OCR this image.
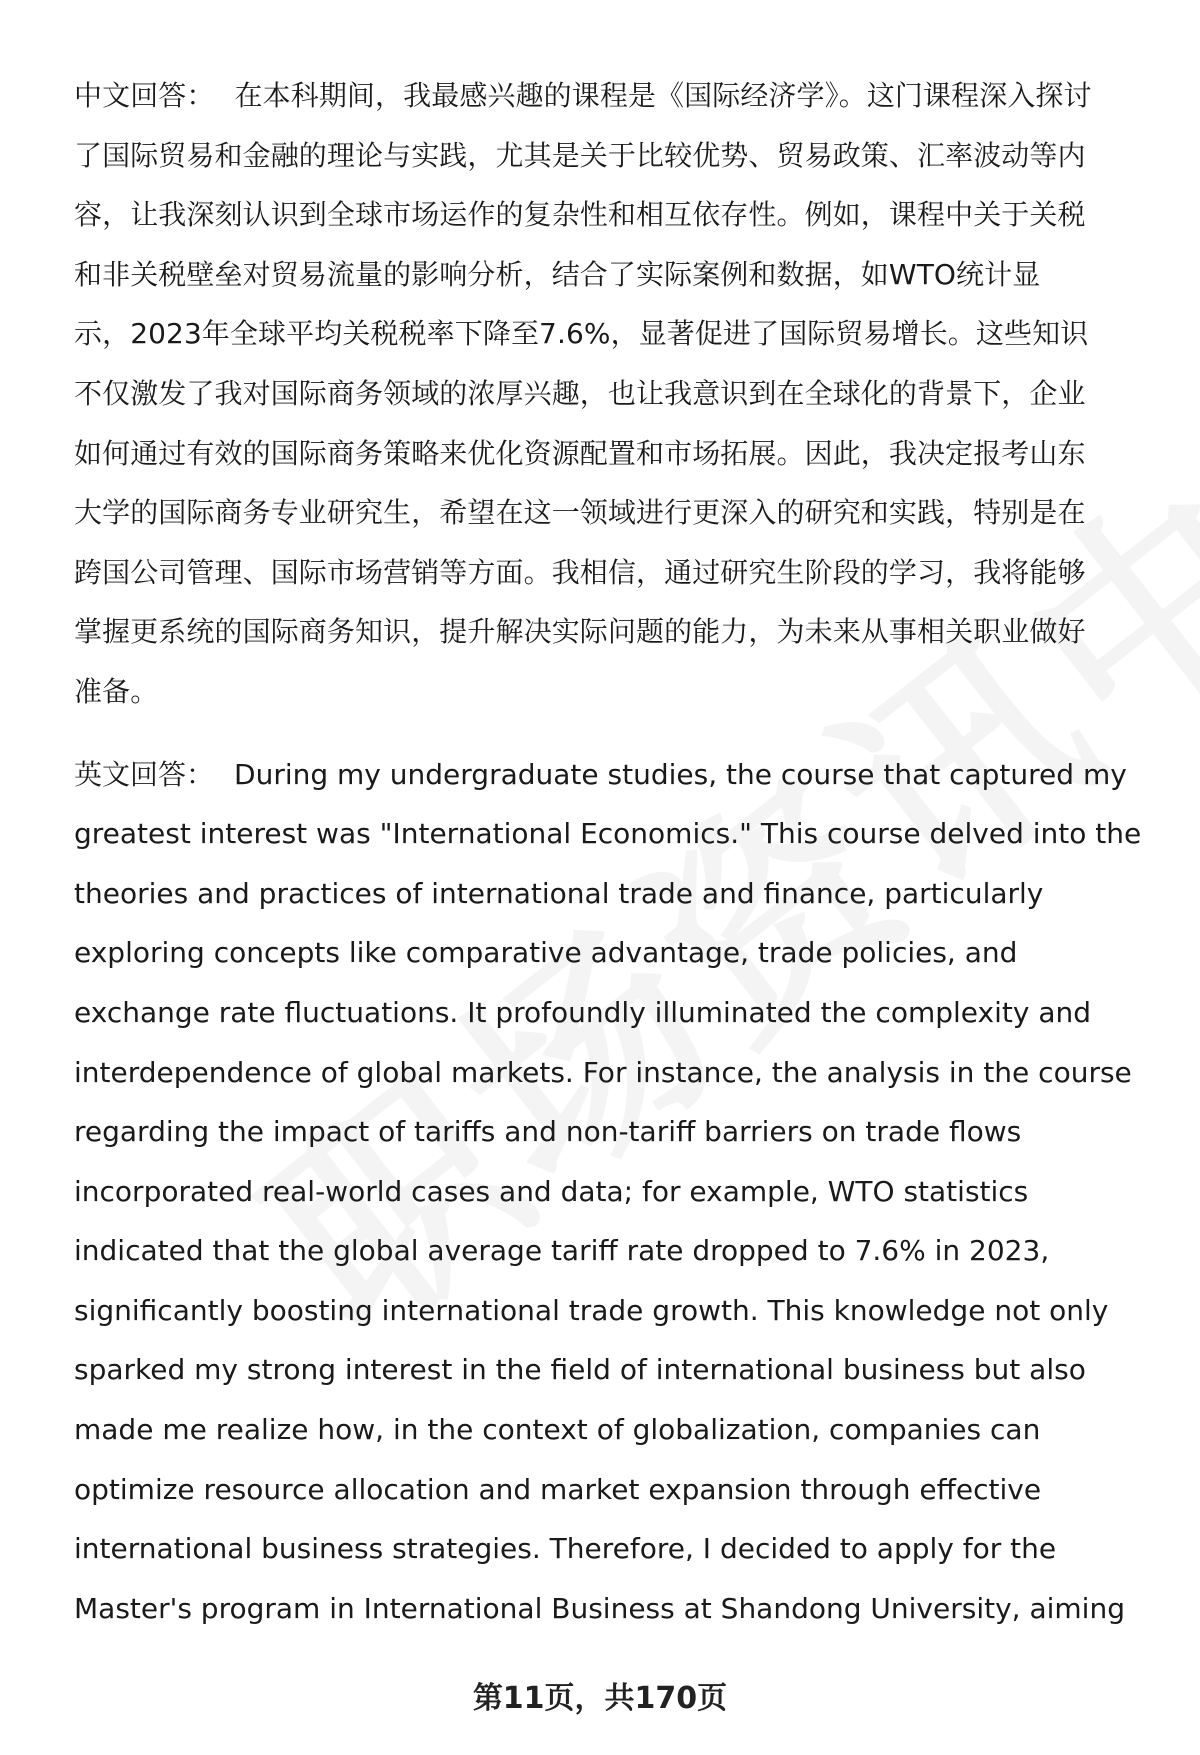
中文回答： 在本科期间，我最感兴趣的课程是《国际经济学》。这门课程深入探讨
了国际贸易和金融的理论与实践，尤其是关于比较优势、贸易政策、汇率波动等内
容，让我深刻认识到全球市场运作的复杂性和相互依存性。例如，课程中关于关税
和非关税壁垒对贸易流量的影响分析，结合了实际案例和数据，如WTO统计显
示，2023年全球平均关税税率下降至7.6%，显著促进了国际贸易增长。这些知识
不仅激发了我对国际商务领域的浓厚兴趣，也让我意识到在全球化的背景下，企业
如何通过有效的国际商务策略来优化资源配置和市场拓展。因此，我决定报考山东
大学的国际商务专业研究生，希望在这一领域进行更深入的研究和实践，特别是在
跨国公司管理、国际市场营销等方面。我相信，通过研究生阶段的学习，我将能够
掌握更系统的国际商务知识，提升解决实际问题的能力，为未来从事相关职业做好
准备。

英文回答： During my undergraduate studies, the course that captured my
greatest interest was "International Economics." This course delved into the
theories and practices of international trade and finance, particularly
exploring concepts like comparative advantage, trade policies, and
exchange rate fluctuations. It profoundly illuminated the complexity and
interdependence of global markets. For instance, the analysis in the course
regarding the impact of tariffs and non-tariff barriers on trade flows
incorporated real-world cases and data; for example, WTO statistics
indicated that the global average tariff rate dropped to 7.6% in 2023,
significantly boosting international trade growth. This knowledge not only
sparked my strong interest in the field of international business but also
made me realize how, in the context of globalization, companies can
optimize resource allocation and market expansion through effective
international business strategies. Therefore, I decided to apply for the
Master's program in International Business at Shandong University, aiming

第11页，共170页
